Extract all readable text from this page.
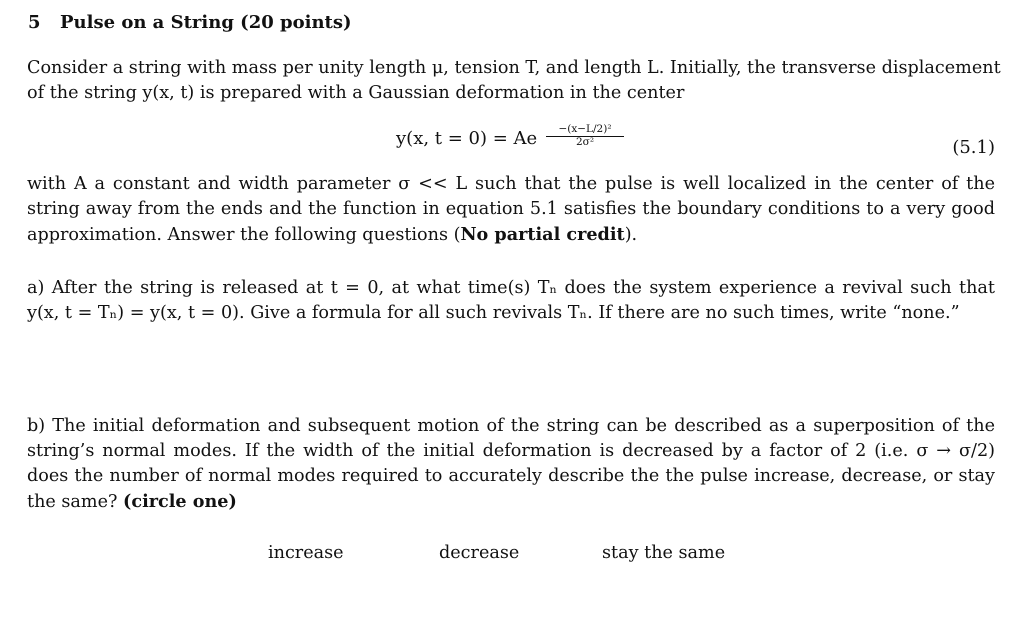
5 Pulse on a String (20 points)
Consider a string with mass per unity length μ, tension T, and length L. Initially, the transverse displacement
of the string y(x, t) is prepared with a Gaussian deformation in the center
y(x, t = 0) = Ae $\frac{\text{−(x−L/2)²}}{\text{2σ²}}$	(5.1)
with A a constant and width parameter σ << L such that the pulse is well localized in the center of the
string away from the ends and the function in equation 5.1 satisfies the boundary conditions to a very good
approximation. Answer the following questions (No partial credit).
a) After the string is released at t = 0, at what time(s) Tₙ does the system experience a revival such that
y(x, t = Tₙ) = y(x, t = 0). Give a formula for all such revivals Tₙ. If there are no such times, write “none.”
b) The initial deformation and subsequent motion of the string can be described as a superposition of the
string’s normal modes. If the width of the initial deformation is decreased by a factor of 2 (i.e. σ → σ/2)
does the number of normal modes required to accurately describe the the pulse increase, decrease, or stay
the same? (circle one)
increase	decrease	stay the same
